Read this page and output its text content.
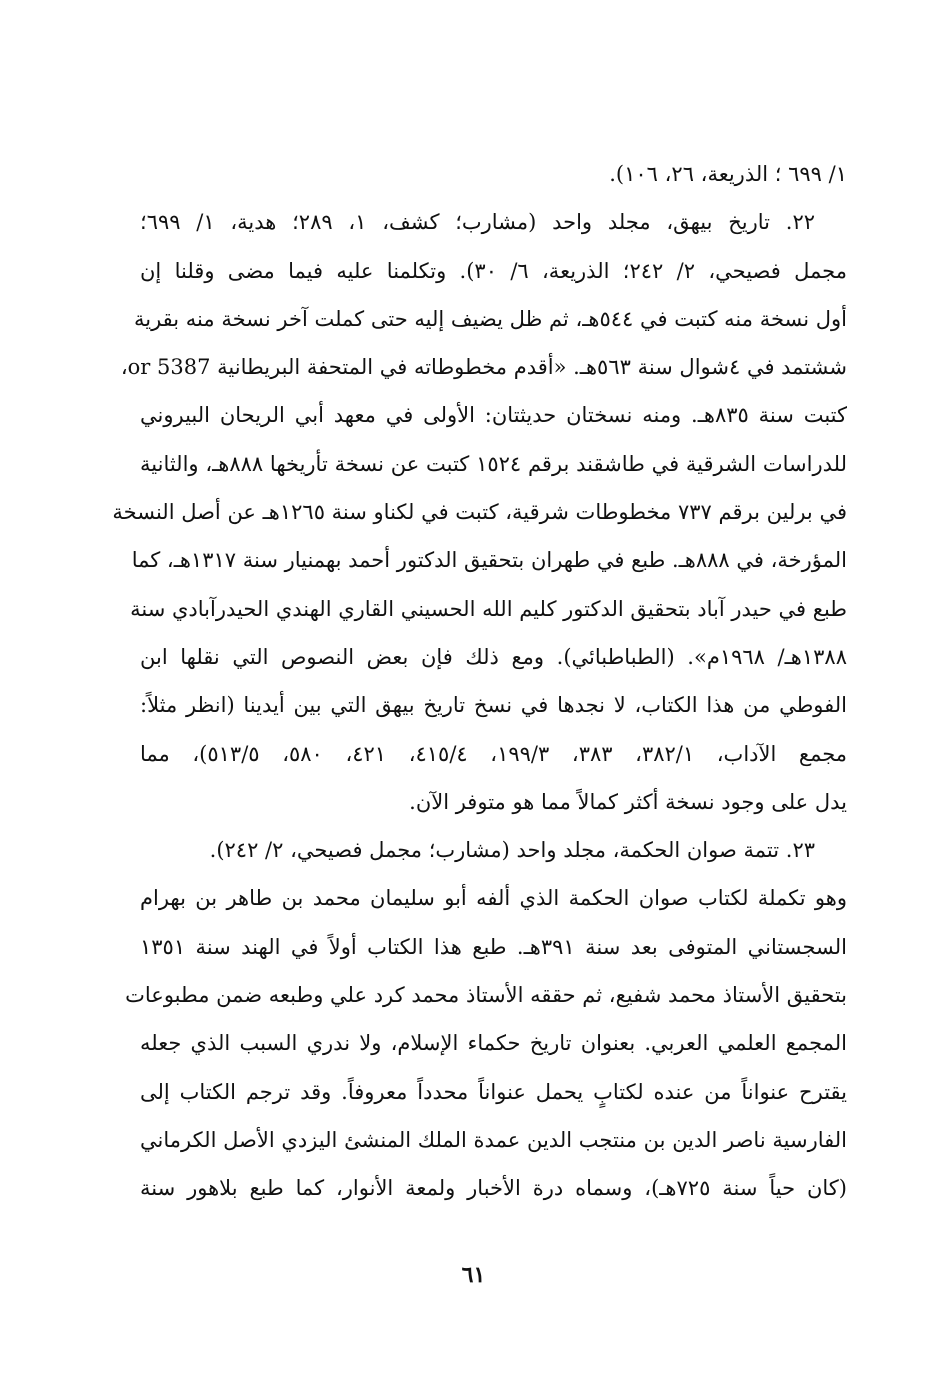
١/ ٦٩٩ ؛ الذريعة، ٢٦، ١٠٦).
٢٢. تاريخ بيهق، مجلد واحد (مشارب؛ كشف، ١، ٢٨٩؛ هدية، ١/ ٦٩٩؛
مجمل فصيحي، ٢/ ٢٤٢؛ الذريعة، ٦/ ٣٠). وتكلمنا عليه فيما مضى وقلنا إن
أول نسخة منه كتبت في ٥٤٤هـ، ثم ظل يضيف إليه حتى كملت آخر نسخة منه بقرية
ششتمد في ٤شوال سنة ٥٦٣هـ. «أقدم مخطوطاته في المتحفة البريطانية 5387 or،
كتبت سنة ٨٣٥هـ. ومنه نسختان حديثتان: الأولى في معهد أبي الريحان البيروني
للدراسات الشرقية في طاشقند برقم ١٥٢٤ كتبت عن نسخة تأريخها ٨٨٨هـ، والثانية
في برلين برقم ٧٣٧ مخطوطات شرقية، كتبت في لكناو سنة ١٢٦٥هـ عن أصل النسخة
المؤرخة، في ٨٨٨هـ. طبع في طهران بتحقيق الدكتور أحمد بهمنيار سنة ١٣١٧هـ، كما
طبع في حيدر آباد بتحقيق الدكتور كليم الله الحسيني القاري الهندي الحيدرآبادي سنة
١٣٨٨هـ/ ١٩٦٨م». (الطباطبائي). ومع ذلك فإن بعض النصوص التي نقلها ابن
الفوطي من هذا الكتاب، لا نجدها في نسخ تاريخ بيهق التي بين أيدينا (انظر مثلاً:
مجمع الآداب، ٣٨٢/١، ٣٨٣، ١٩٩/٣، ٤١٥/٤، ٤٢١، ٥٨٠، ٥١٣/٥)، مما
يدل على وجود نسخة أكثر كمالاً مما هو متوفر الآن.
٢٣. تتمة صوان الحكمة، مجلد واحد (مشارب؛ مجمل فصيحي، ٢/ ٢٤٢).
وهو تكملة لكتاب صوان الحكمة الذي ألفه أبو سليمان محمد بن طاهر بن بهرام
السجستاني المتوفى بعد سنة ٣٩١هـ. طبع هذا الكتاب أولاً في الهند سنة ١٣٥١
بتحقيق الأستاذ محمد شفيع، ثم حققه الأستاذ محمد كرد علي وطبعه ضمن مطبوعات
المجمع العلمي العربي. بعنوان تاريخ حكماء الإسلام، ولا ندري السبب الذي جعله
يقترح عنواناً من عنده لكتابٍ يحمل عنواناً محدداً معروفاً. وقد ترجم الكتاب إلى
الفارسية ناصر الدين بن منتجب الدين عمدة الملك المنشئ اليزدي الأصل الكرماني
(كان حياً سنة ٧٢٥هـ)، وسماه درة الأخبار ولمعة الأنوار، كما طبع بلاهور سنة
٦١
